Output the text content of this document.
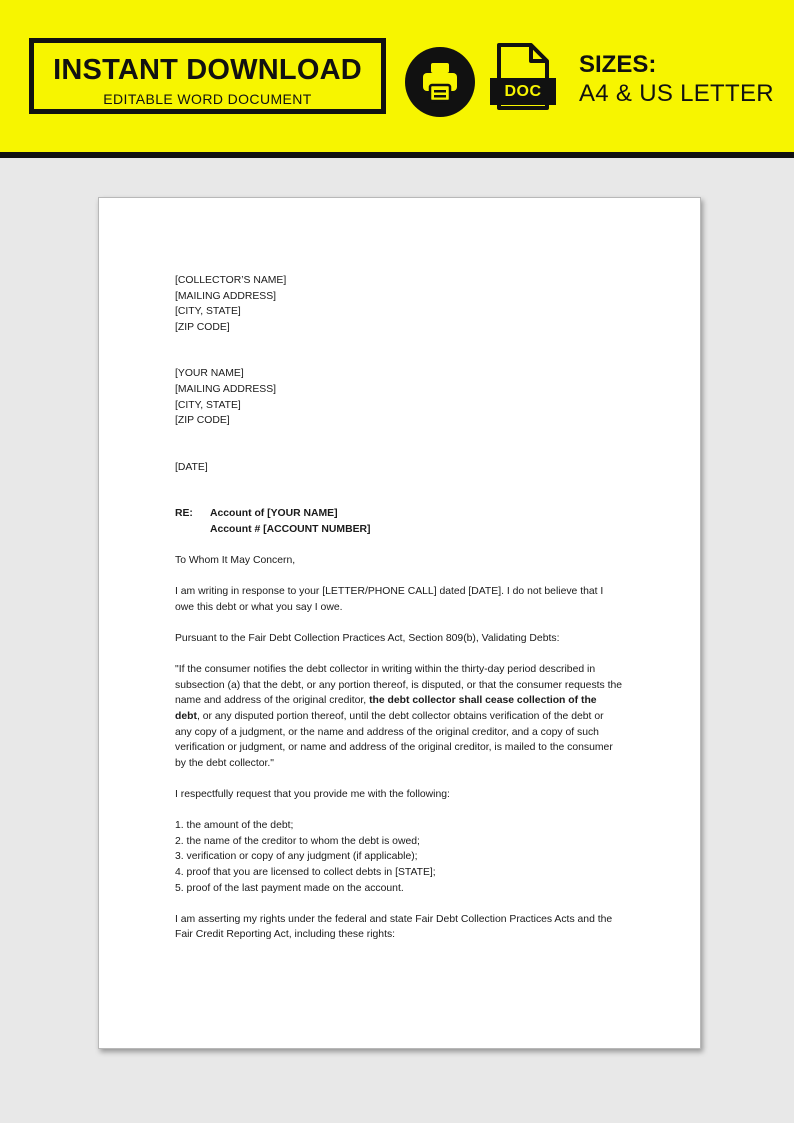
INSTANT DOWNLOAD
EDITABLE WORD DOCUMENT	DOC
SIZES:
A4 & US LETTER

[COLLECTOR’S NAME]

[MAILING ADDRESS]

[CITY, STATE]

[ZIP CODE]

[YOUR NAME]

[MAILING ADDRESS]

[CITY, STATE]

[ZIP CODE]

[DATE]

RE:	Account of [YOUR NAME]
Account # [ACCOUNT NUMBER]

To Whom It May Concern,

I am writing in response to your [LETTER/PHONE CALL] dated [DATE]. I do not believe that I owe this debt or what you say I owe.

Pursuant to the Fair Debt Collection Practices Act, Section 809(b), Validating Debts:

"If the consumer notifies the debt collector in writing within the thirty-day period described in subsection (a) that the debt, or any portion thereof, is disputed, or that the consumer requests the name and address of the original creditor, the debt collector shall cease collection of the debt, or any disputed portion thereof, until the debt collector obtains verification of the debt or any copy of a judgment, or the name and address of the original creditor, and a copy of such verification or judgment, or name and address of the original creditor, is mailed to the consumer by the debt collector."

I respectfully request that you provide me with the following:

1. the amount of the debt;

2. the name of the creditor to whom the debt is owed;

3. verification or copy of any judgment (if applicable);

4. proof that you are licensed to collect debts in [STATE];

5. proof of the last payment made on the account.

I am asserting my rights under the federal and state Fair Debt Collection Practices Acts and the Fair Credit Reporting Act, including these rights:
